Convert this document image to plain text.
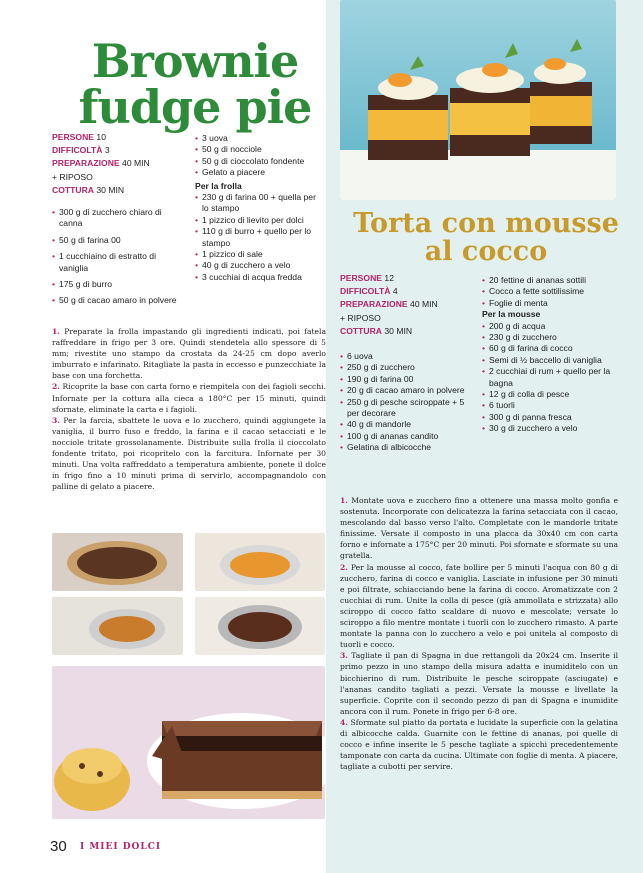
Brownie fudge pie
PERSONE 10
DIFFICOLTÀ 3
PREPARAZIONE 40 MIN
+ RIPOSO
COTTURA 30 MIN
• 300 g di zucchero chiaro di canna
• 50 g di farina 00
• 1 cucchiaino di estratto di vaniglia
• 175 g di burro
• 50 g di cacao amaro in polvere
• 3 uova
• 50 g di nocciole
• 50 g di cioccolato fondente
• Gelato a piacere
Per la frolla
• 230 g di farina 00 + quella per lo stampo
• 1 pizzico di lievito per dolci
• 110 g di burro + quello per lo stampo
• 1 pizzico di sale
• 40 g di zucchero a velo
• 3 cucchiai di acqua fredda

1. Preparate la frolla impastando gli ingredienti indicati, poi fatela raffreddare in frigo per 3 ore. Quindi stendetela allo spessore di 5 mm; rivestite uno stampo da crostata da 24-25 cm dopo averlo imburrato e infarinato. Ritagliate la pasta in eccesso e punzecchiate la base con una forchetta.

2. Ricoprite la base con carta forno e riempitela con dei fagioli secchi. Infornate per la cottura alla cieca a 180°C per 15 minuti, quindi sfornate, eliminate la carta e i fagioli.

3. Per la farcia, sbattete le uova e lo zucchero, quindi aggiungete la vaniglia, il burro fuso e freddo, la farina e il cacao setacciati e le nocciole tritate grossolanamente. Distribuite sulla frolla il cioccolato fondente tritato, poi ricopritelo con la farcitura. Infornate per 30 minuti. Una volta raffreddato a temperatura ambiente, ponete il dolce in frigo fino a 10 minuti prima di servirlo, accompagnandolo con palline di gelato a piacere.

Torta con mousse al cocco
PERSONE 12
DIFFICOLTÀ 4
PREPARAZIONE 40 MIN
+ RIPOSO
COTTURA 30 MIN
• 6 uova
• 250 g di zucchero
• 190 g di farina 00
• 20 g di cacao amaro in polvere
• 250 g di pesche sciroppate + 5 per decorare
• 40 g di mandorle
• 100 g di ananas candito
• Gelatina di albicocche
• 20 fettine di ananas sottili
• Cocco a fette sottilissime
• Foglie di menta
Per la mousse
• 200 g di acqua
• 230 g di zucchero
• 60 g di farina di cocco
• Semi di ½ baccello di vaniglia
• 2 cucchiai di rum + quello per la bagna
• 12 g di colla di pesce
• 6 tuorli
• 300 g di panna fresca
• 30 g di zucchero a velo

1. Montate uova e zucchero fino a ottenere una massa molto gonfia e sostenuta. Incorporate con delicatezza la farina setacciata con il cacao, mescolando dal basso verso l'alto. Completate con le mandorle tritate finissime. Versate il composto in una placca da 30x40 cm con carta forno e infornate a 175°C per 20 minuti. Poi sfornate e sformate su una gratella.

2. Per la mousse al cocco, fate bollire per 5 minuti l'acqua con 80 g di zucchero, farina di cocco e vaniglia. Lasciate in infusione per 30 minuti e poi filtrate, schiacciando bene la farina di cocco. Aromatizzate con 2 cucchiai di rum. Unite la colla di pesce (già ammollata e strizzata) allo sciroppo di cocco fatto scaldare di nuovo e mescolate; versate lo sciroppo a filo mentre montate i tuorli con lo zucchero rimasto. A parte montate la panna con lo zucchero a velo e poi unitela al composto di tuorli e cocco.

3. Tagliate il pan di Spagna in due rettangoli da 20x24 cm. Inserite il primo pezzo in uno stampo della misura adatta e inumiditelo con un bicchierino di rum. Distribuite le pesche sciroppate (asciugate) e l'ananas candito tagliati a pezzi. Versate la mousse e livellate la superficie. Coprite con il secondo pezzo di pan di Spagna e inumidite ancora con il rum. Ponete in frigo per 6-8 ore.

4. Sformate sul piatto da portata e lucidate la superficie con la gelatina di albicocche calda. Guarnite con le fettine di ananas, poi quelle di cocco e infine inserite le 5 pesche tagliate a spicchi precedentemente tamponate con carta da cucina. Ultimate con foglie di menta. A piacere, tagliate a cubotti per servire.

30 I MIEI DOLCI
